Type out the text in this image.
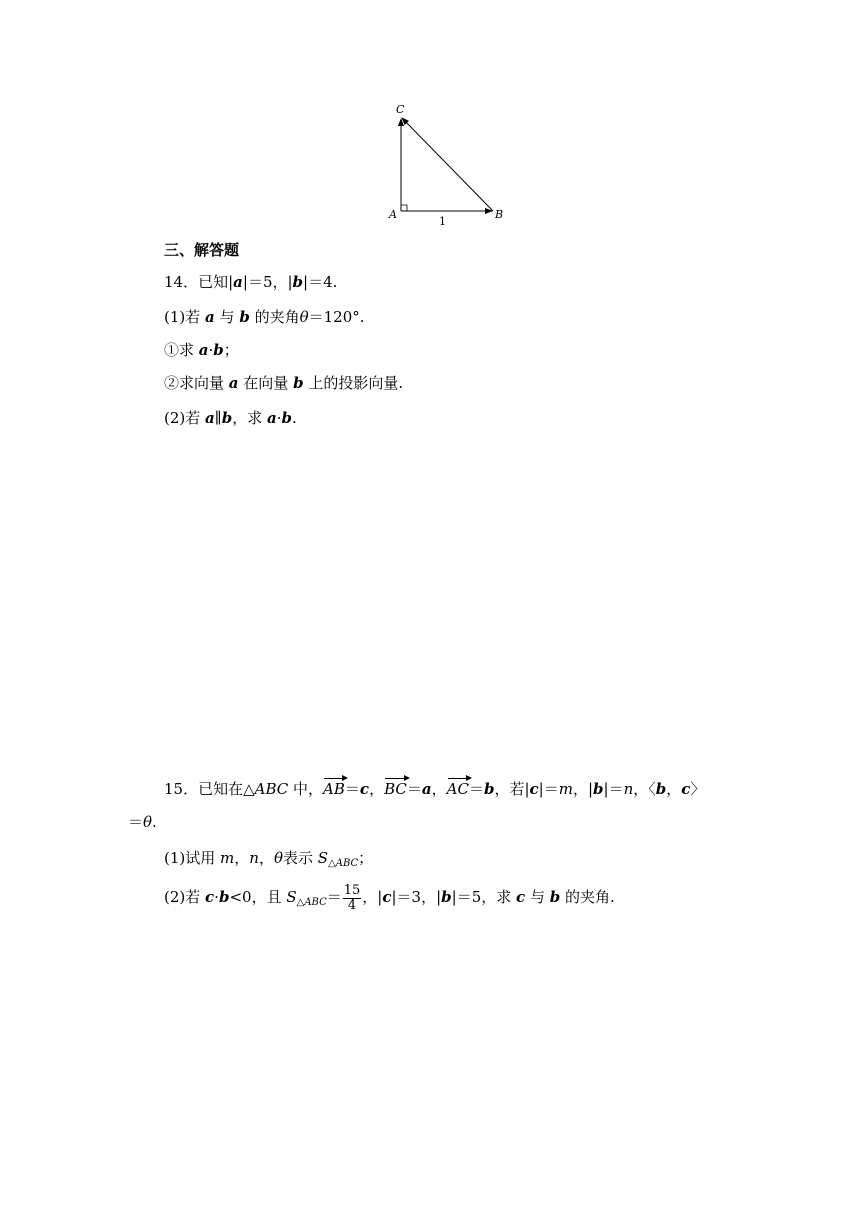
C
A	B
1
三、解答题
14．已知|a|＝5，|b|＝4.
(1)若 a 与 b 的夹角θ＝120°.
①求 a·b；
②求向量 a 在向量 b 上的投影向量.
(2)若 a∥b，求 a·b.
15．已知在△ABC 中，AB＝c，BC＝a，AC＝b，若|c|＝m，|b|＝n，〈b，c〉
＝θ.
(1)试用 m，n，θ表示 $S_{\triangle ABC}$；
(2)若 c·b<0，且 $S_{\triangle ABC}= \frac{15}{4}$ ，|c|＝3，|b|＝5，求 c 与 b 的夹角.
